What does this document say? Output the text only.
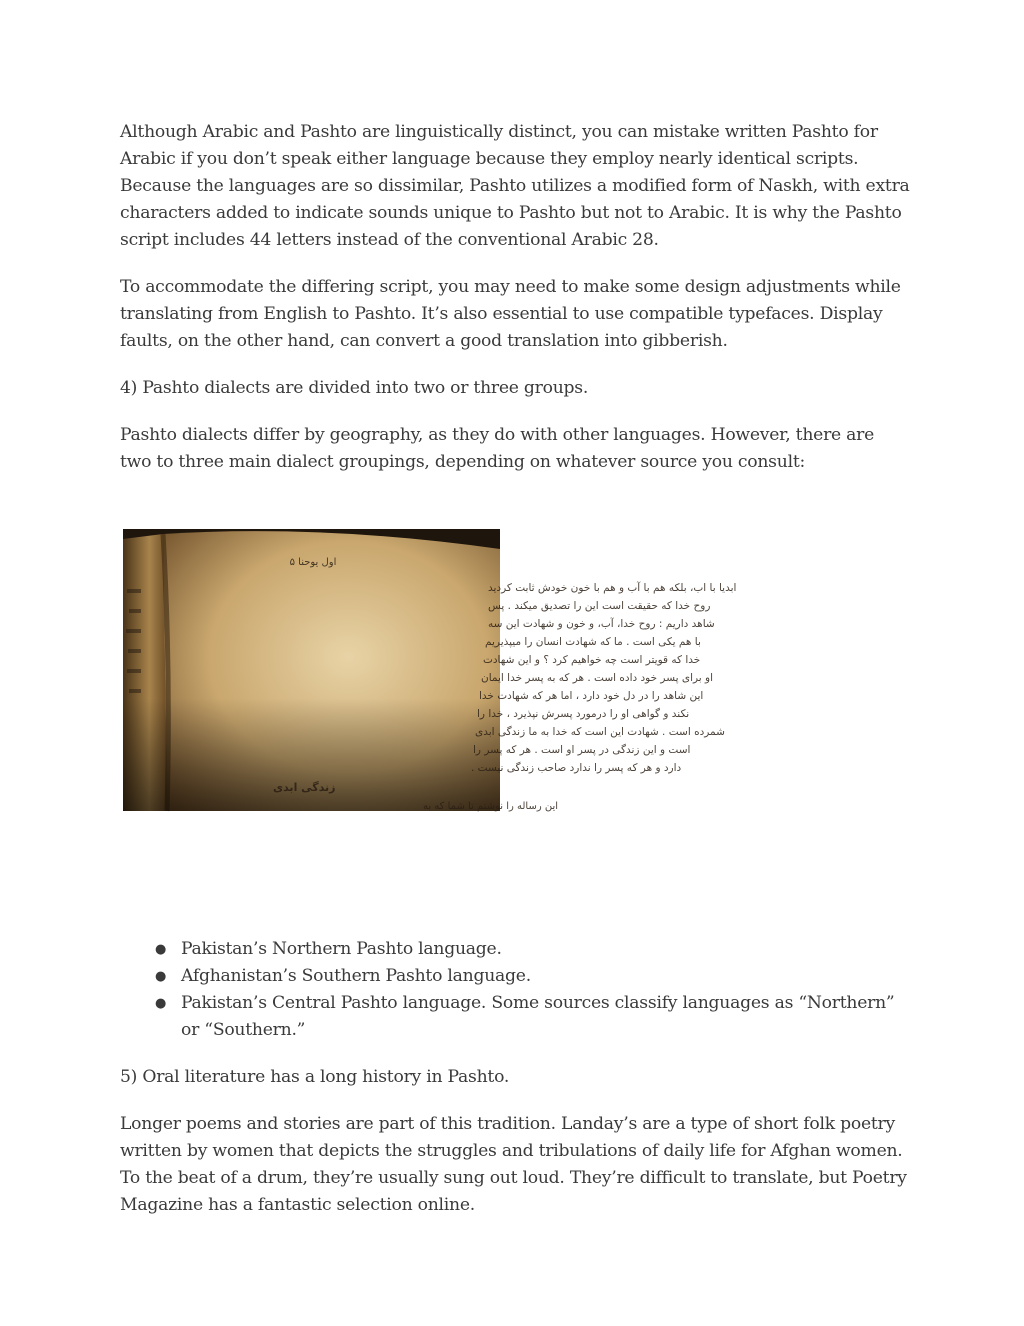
Although Arabic and Pashto are linguistically distinct, you can mistake written Pashto for Arabic if you don’t speak either language because they employ nearly identical scripts. Because the languages are so dissimilar, Pashto utilizes a modified form of Naskh, with extra characters added to indicate sounds unique to Pashto but not to Arabic. It is why the Pashto script includes 44 letters instead of the conventional Arabic 28.

To accommodate the differing script, you may need to make some design adjustments while translating from English to Pashto. It’s also essential to use compatible typefaces. Display faults, on the other hand, can convert a good translation into gibberish.

4) Pashto dialects are divided into two or three groups.

Pashto dialects differ by geography, as they do with other languages. However, there are two to three main dialect groupings, depending on whatever source you consult:

اول یوحنا ۵
ابدیا با اب، بلکه هم با آب و هم با خون خودش ثابت کردید
روح خدا که حقیقت است این را تصدیق میکند . پس
شاهد داریم : روح خدا، آب، و خون و شهادت این سه
با هم یکی است . ما که شهادت انسان را میپذیریم
خدا که قویتر است چه خواهیم کرد ؟ و این شهادت
او برای پسر خود داده است . هر که به پسر خدا ایمان
این شاهد را در دل خود دارد ، اما هر که شهادت خدا
نکند و گواهی او را درمورد پسرش نپذیرد ، خدا را
شمرده است . شهادت این است که خدا به ما زندگی ابدی
است و این زندگی در پسر او است . هر که پسر را
دارد و هر که پسر را ندارد صاحب زندگی نیست .
زندگی ابدی
این رساله را نوشتم تا شما که به
● Pakistan’s Northern Pashto language.
● Afghanistan’s Southern Pashto language.
● Pakistan’s Central Pashto language. Some sources classify languages as “Northern” or “Southern.”

5) Oral literature has a long history in Pashto.

Longer poems and stories are part of this tradition. Landay’s are a type of short folk poetry written by women that depicts the struggles and tribulations of daily life for Afghan women. To the beat of a drum, they’re usually sung out loud. They’re difficult to translate, but Poetry Magazine has a fantastic selection online.
